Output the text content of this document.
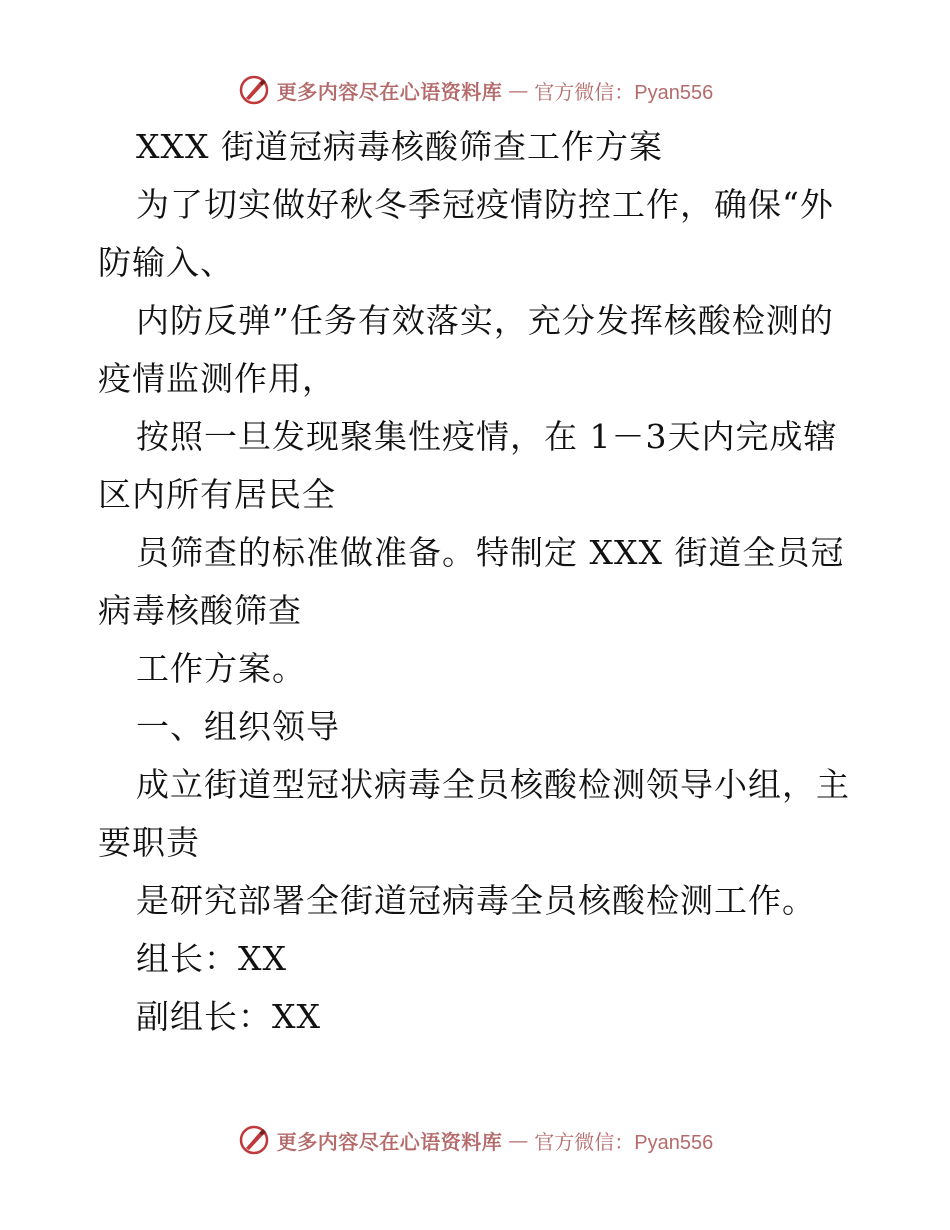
更多内容尽在心语资料库 — 官方微信：Pyan556
XXX 街道冠病毒核酸筛查工作方案
为了切实做好秋冬季冠疫情防控工作，确保“外
防输入、
内防反弹”任务有效落实，充分发挥核酸检测的
疫情监测作用，
按照一旦发现聚集性疫情，在 1－3天内完成辖
区内所有居民全
员筛查的标准做准备。特制定 XXX 街道全员冠
病毒核酸筛查
工作方案。
一、组织领导
成立街道型冠状病毒全员核酸检测领导小组，主
要职责
是研究部署全街道冠病毒全员核酸检测工作。
组长：XX
副组长：XX
更多内容尽在心语资料库 — 官方微信：Pyan556
